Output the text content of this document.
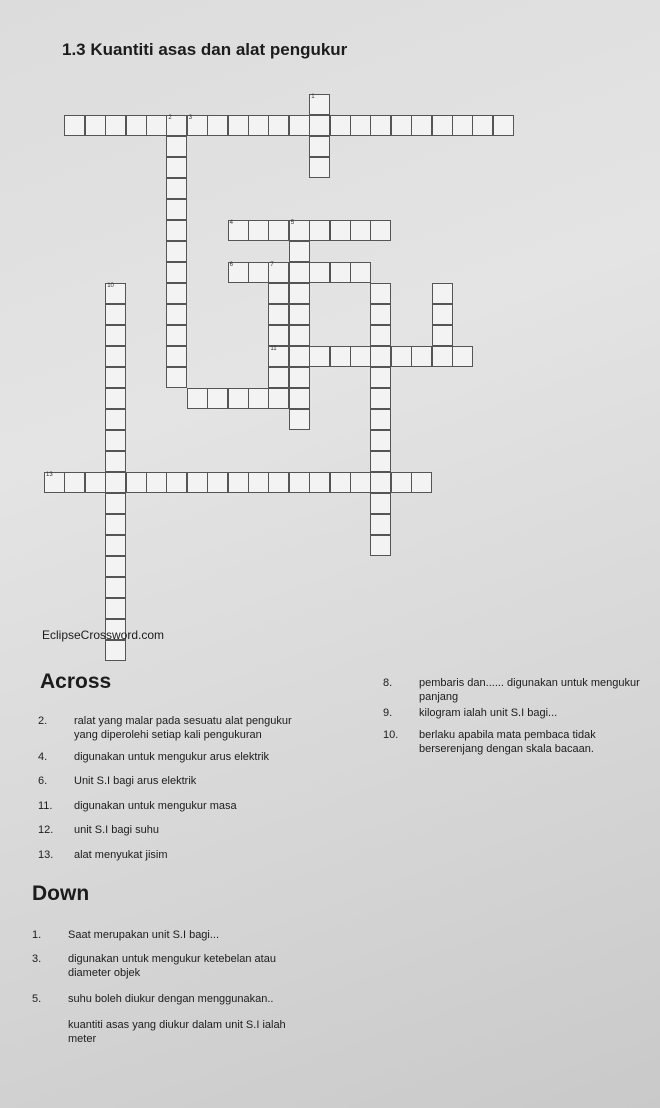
1.3 Kuantiti asas dan alat pengukur
1
2	3
4	5
6	7
11
10
13
EclipseCrossword.com
Across
2.	ralat yang malar pada sesuatu alat pengukur
yang diperolehi setiap kali pengukuran
4.	digunakan untuk mengukur arus elektrik
6.	Unit S.I bagi arus elektrik
11.	digunakan untuk mengukur masa
12.	unit S.I bagi suhu
13.	alat menyukat jisim
8.	pembaris dan...... digunakan untuk mengukur
panjang
9.	kilogram ialah unit S.I bagi...
10.	berlaku apabila mata pembaca tidak
berserenjang dengan skala bacaan.
Down
1.	Saat merupakan unit S.I bagi...
3.	digunakan untuk mengukur ketebelan atau
diameter objek
5.	suhu boleh diukur dengan menggunakan..
kuantiti asas yang diukur dalam unit S.I ialah
meter
